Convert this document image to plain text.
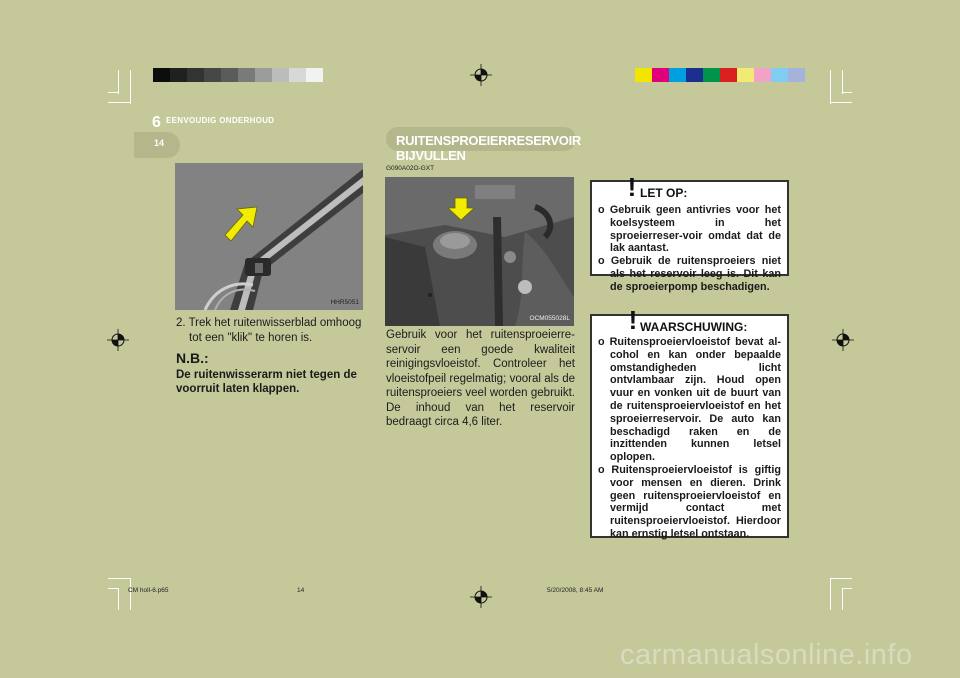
6 EENVOUDIG ONDERHOUD
14
HHR5051
2. Trek het ruitenwisserblad omhoog
tot een "klik" te horen is.
N.B.:
De ruitenwisserarm niet tegen de voorruit laten klappen.
RUITENSPROEIERRESERVOIR BIJVULLEN
G090A02O-GXT
OCM055028L
Gebruik voor het ruitensproeierre-servoir een goede kwaliteit reinigingsvloeistof. Controleer het vloeistofpeil regelmatig; vooral als de ruitensproeiers veel worden gebruikt. De inhoud van het reservoir bedraagt circa 4,6 liter.
! LET OP:

o Gebruik geen antivries voor het koelsysteem in het sproeierreser-voir omdat dat de lak aantast.

o Gebruik de ruitensproeiers niet als het reservoir leeg is. Dit kan de sproeierpomp beschadigen.

! WAARSCHUWING:

o Ruitensproeiervloeistof bevat al-cohol en kan onder bepaalde omstandigheden licht ontvlambaar zijn. Houd open vuur en vonken uit de buurt van de ruitensproeiervloeistof en het sproeierreservoir. De auto kan beschadigd raken en de inzittenden kunnen letsel oplopen.

o Ruitensproeiervloeistof is giftig voor mensen en dieren. Drink geen ruitensproeiervloeistof en vermijd contact met ruitensproeiervloeistof. Hierdoor kan ernstig letsel ontstaan.

CM holl-6.p65	14	5/20/2008, 8:45 AM
carmanualsonline.info
